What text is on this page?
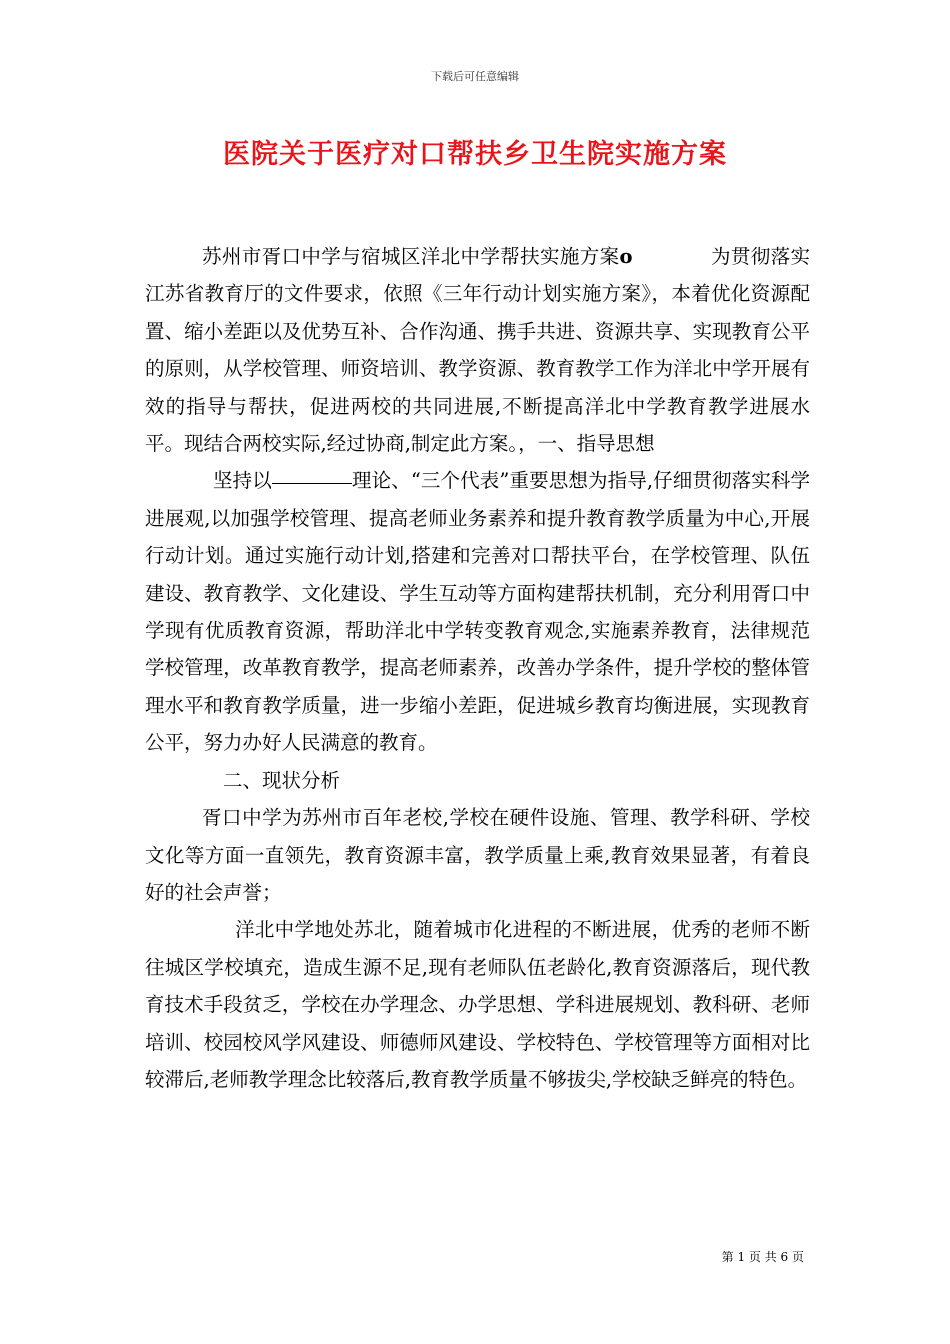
下载后可任意编辑
医院关于医疗对口帮扶乡卫生院实施方案

苏州市胥口中学与宿城区洋北中学帮扶实施方案o	为贯彻落实江苏省教育厅的文件要求，依照《三年行动计划实施方案》，本着优化资源配置、缩小差距以及优势互补、合作沟通、携手共进、资源共享、实现教育公平的原则，从学校管理、师资培训、教学资源、教育教学工作为洋北中学开展有效的指导与帮扶，促进两校的共同进展,不断提高洋北中学教育教学进展水平。现结合两校实际,经过协商,制定此方案。，一、指导思想

坚持以	理论、“三个代表”重要思想为指导,仔细贯彻落实科学进展观,以加强学校管理、提高老师业务素养和提升教育教学质量为中心,开展行动计划。通过实施行动计划,搭建和完善对口帮扶平台，在学校管理、队伍建设、教育教学、文化建设、学生互动等方面构建帮扶机制，充分利用胥口中学现有优质教育资源，帮助洋北中学转变教育观念,实施素养教育，法律规范学校管理，改革教育教学，提高老师素养，改善办学条件，提升学校的整体管理水平和教育教学质量，进一步缩小差距，促进城乡教育均衡进展，实现教育公平，努力办好人民满意的教育。

二、现状分析

胥口中学为苏州市百年老校,学校在硬件设施、管理、教学科研、学校文化等方面一直领先，教育资源丰富，教学质量上乘,教育效果显著，有着良好的社会声誉；

洋北中学地处苏北，随着城市化进程的不断进展，优秀的老师不断往城区学校填充，造成生源不足,现有老师队伍老龄化,教育资源落后，现代教育技术手段贫乏，学校在办学理念、办学思想、学科进展规划、教科研、老师培训、校园校风学风建设、师德师风建设、学校特色、学校管理等方面相对比较滞后,老师教学理念比较落后,教育教学质量不够拔尖,学校缺乏鲜亮的特色。

第 1 页 共 6 页
